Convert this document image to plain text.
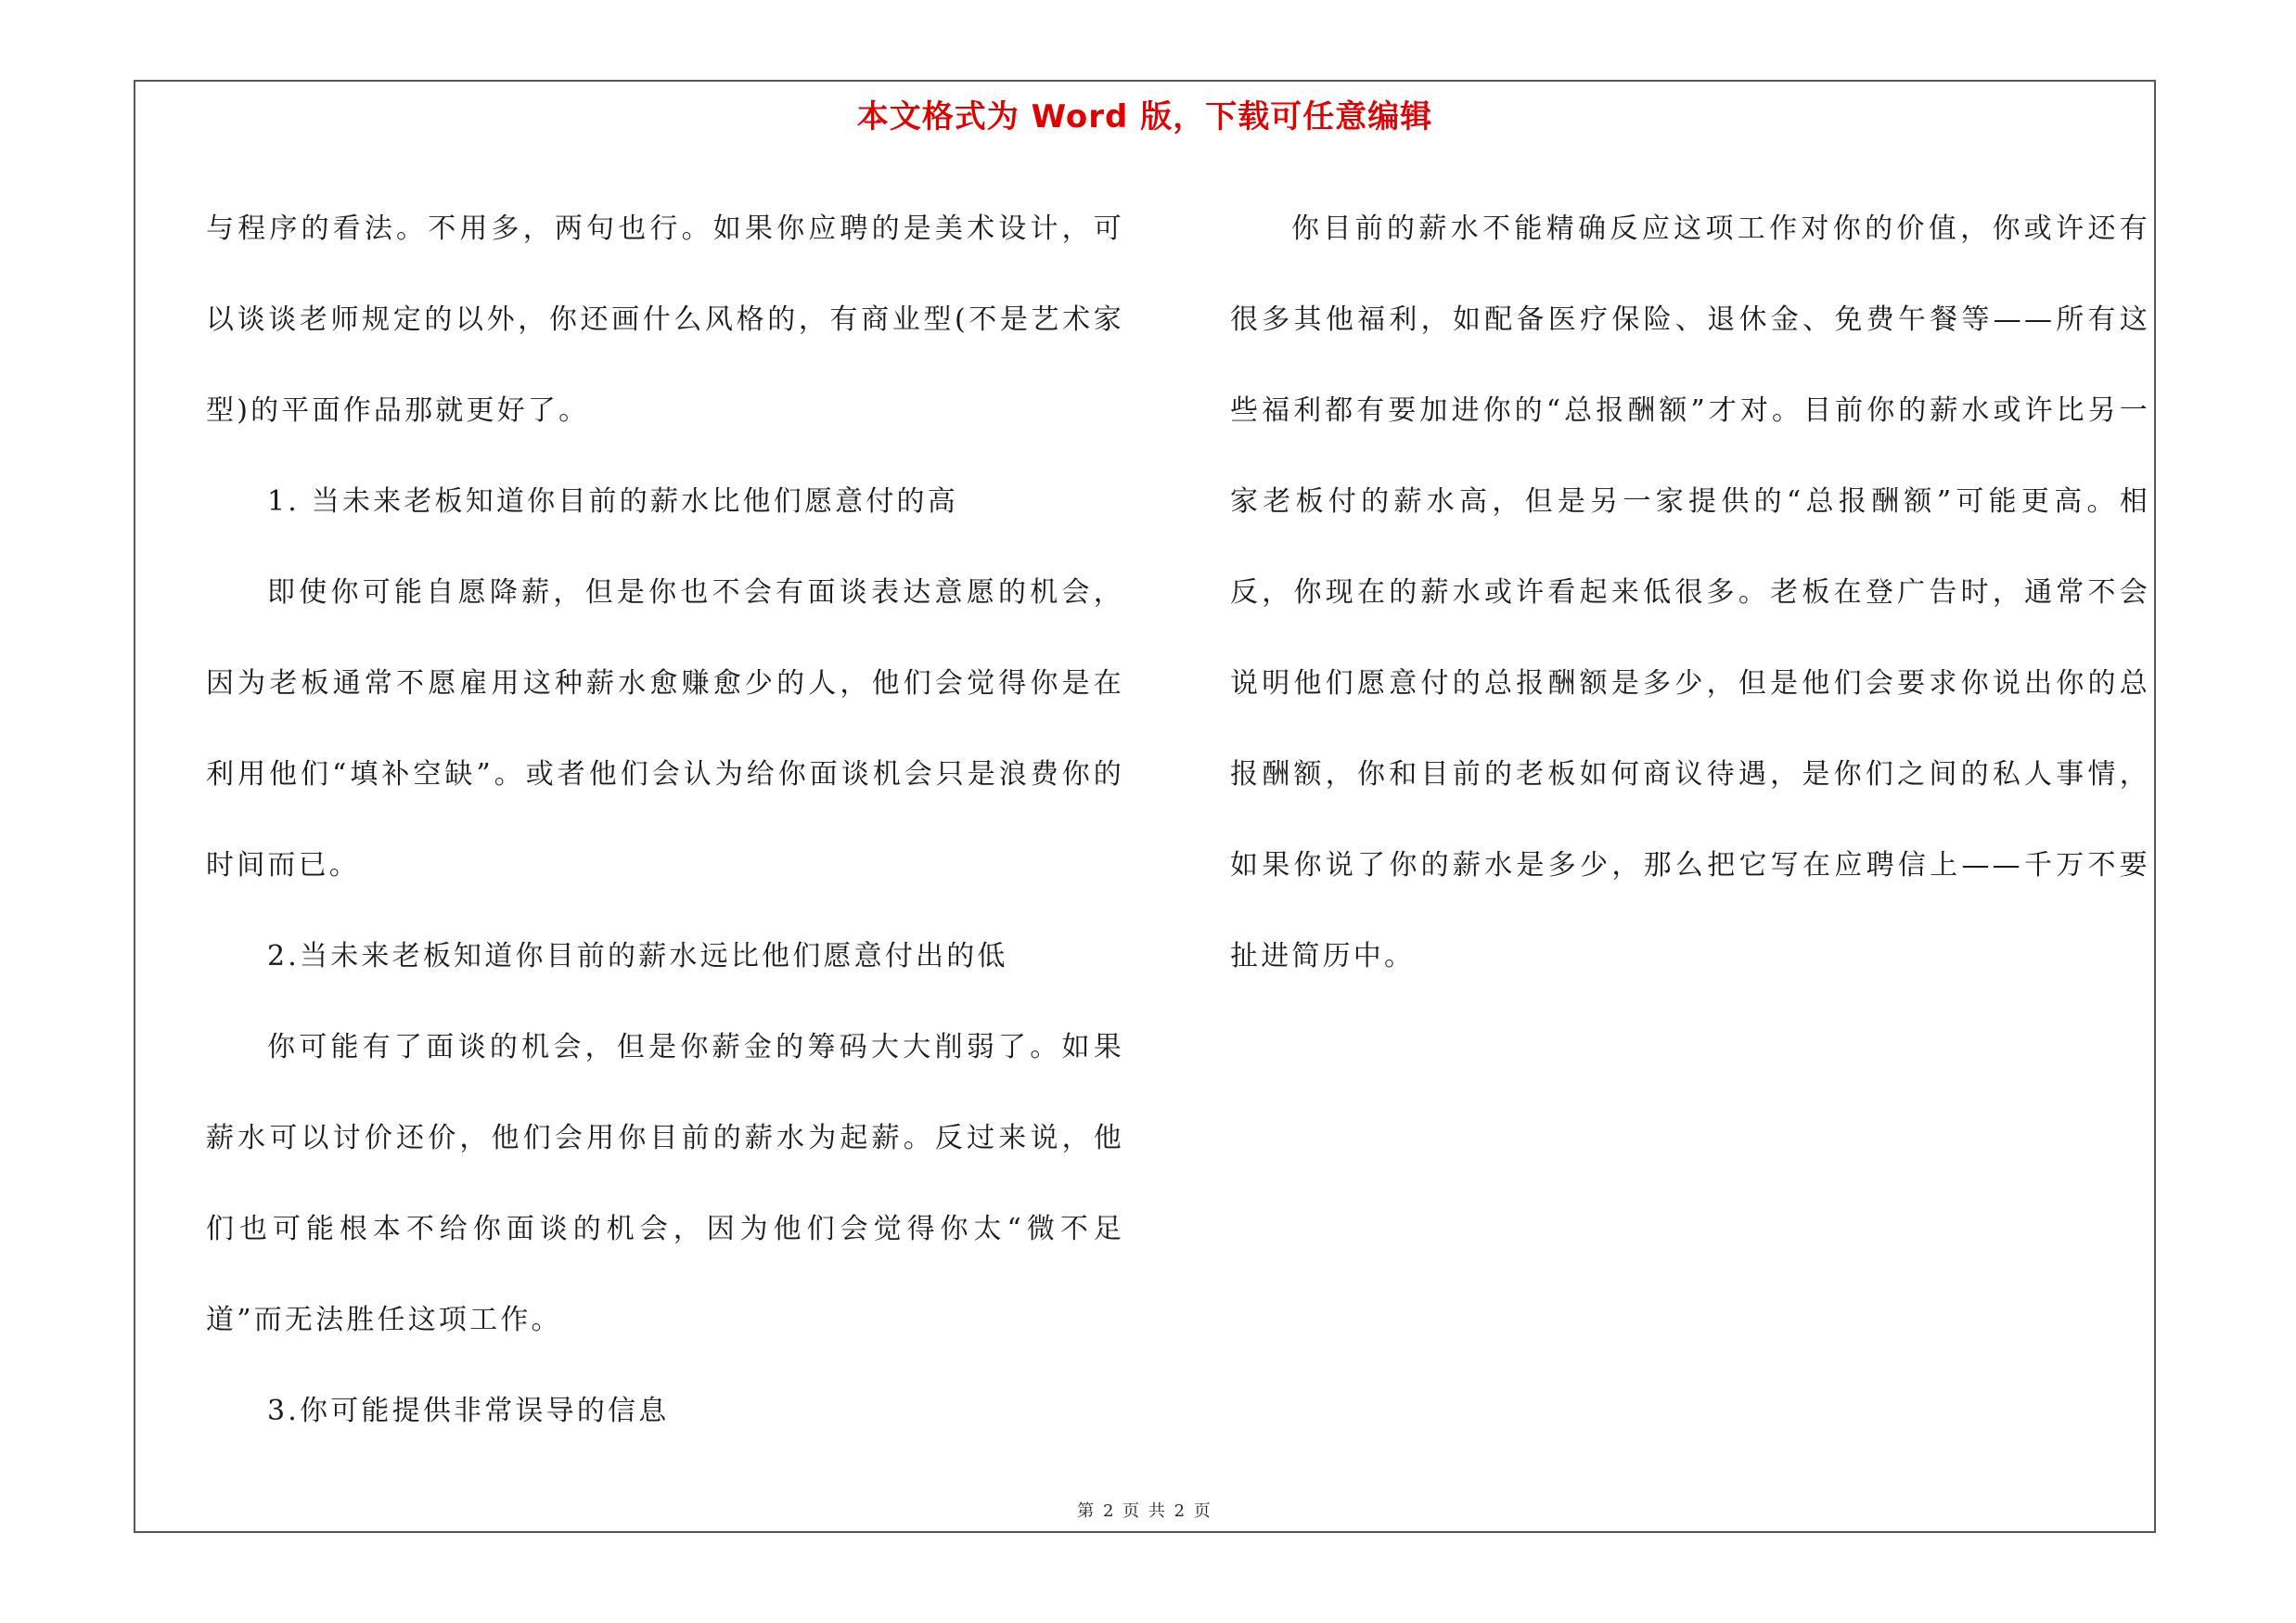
本文格式为 Word 版，下载可任意编辑

与程序的看法。不用多，两句也行。如果你应聘的是美术设计，可以谈谈老师规定的以外，你还画什么风格的，有商业型(不是艺术家型)的平面作品那就更好了。

1. 当未来老板知道你目前的薪水比他们愿意付的高

即使你可能自愿降薪，但是你也不会有面谈表达意愿的机会，因为老板通常不愿雇用这种薪水愈赚愈少的人，他们会觉得你是在利用他们“填补空缺”。或者他们会认为给你面谈机会只是浪费你的时间而已。

2.当未来老板知道你目前的薪水远比他们愿意付出的低

你可能有了面谈的机会，但是你薪金的筹码大大削弱了。如果薪水可以讨价还价，他们会用你目前的薪水为起薪。反过来说，他们也可能根本不给你面谈的机会，因为他们会觉得你太“微不足道”而无法胜任这项工作。

3.你可能提供非常误导的信息

你目前的薪水不能精确反应这项工作对你的价值，你或许还有很多其他福利，如配备医疗保险、退休金、免费午餐等——所有这些福利都有要加进你的“总报酬额”才对。目前你的薪水或许比另一家老板付的薪水高，但是另一家提供的“总报酬额”可能更高。相反，你现在的薪水或许看起来低很多。老板在登广告时，通常不会说明他们愿意付的总报酬额是多少，但是他们会要求你说出你的总报酬额，你和目前的老板如何商议待遇，是你们之间的私人事情，如果你说了你的薪水是多少，那么把它写在应聘信上——千万不要扯进简历中。

第 2 页 共 2 页
